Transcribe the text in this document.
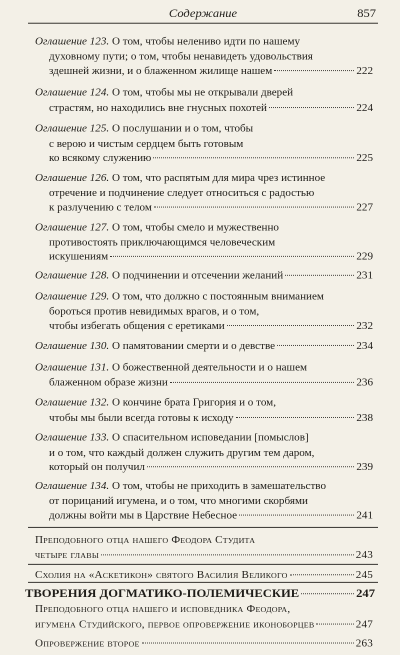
Содержание	857
Оглашение 123. О том, чтобы нелениво идти по нашему
духовному пути; о том, чтобы ненавидеть удовольствия
здешней жизни, и о блаженном жилище нашем	222
Оглашение 124. О том, чтобы мы не открывали дверей
страстям, но находились вне гнусных похотей	224
Оглашение 125. О послушании и о том, чтобы
с верою и чистым сердцем быть готовым
ко всякому служению	225
Оглашение 126. О том, что распятым для мира чрез истинное
отречение и подчинение следует относиться с радостью
к разлучению с телом	227
Оглашение 127. О том, чтобы смело и мужественно
противостоять приключающимся человеческим
искушениям	229
Оглашение 128. О подчинении и отсечении желаний	231
Оглашение 129. О том, что должно с постоянным вниманием
бороться против невидимых врагов, и о том,
чтобы избегать общения с еретиками	232
Оглашение 130. О памятовании смерти и о девстве	234
Оглашение 131. О божественной деятельности и о нашем
блаженном образе жизни	236
Оглашение 132. О кончине брата Григория и о том,
чтобы мы были всегда готовы к исходу	238
Оглашение 133. О спасительном исповедании [помыслов]
и о том, что каждый должен служить другим тем даром,
который он получил	239
Оглашение 134. О том, чтобы не приходить в замешательство
от порицаний игумена, и о том, что многими скорбями
должны войти мы в Царствие Небесное	241
Преподобного отца нашего Феодора Студита
четыре главы	243
Схолия на «Аскетикон» святого Василия Великого	245
ТВОРЕНИЯ ДОГМАТИКО-ПОЛЕМИЧЕСКИЕ	247
Преподобного отца нашего и исповедника Феодора,
игумена Студийского, первое опровержение иконоборцев	247
Опровержение второе	263
